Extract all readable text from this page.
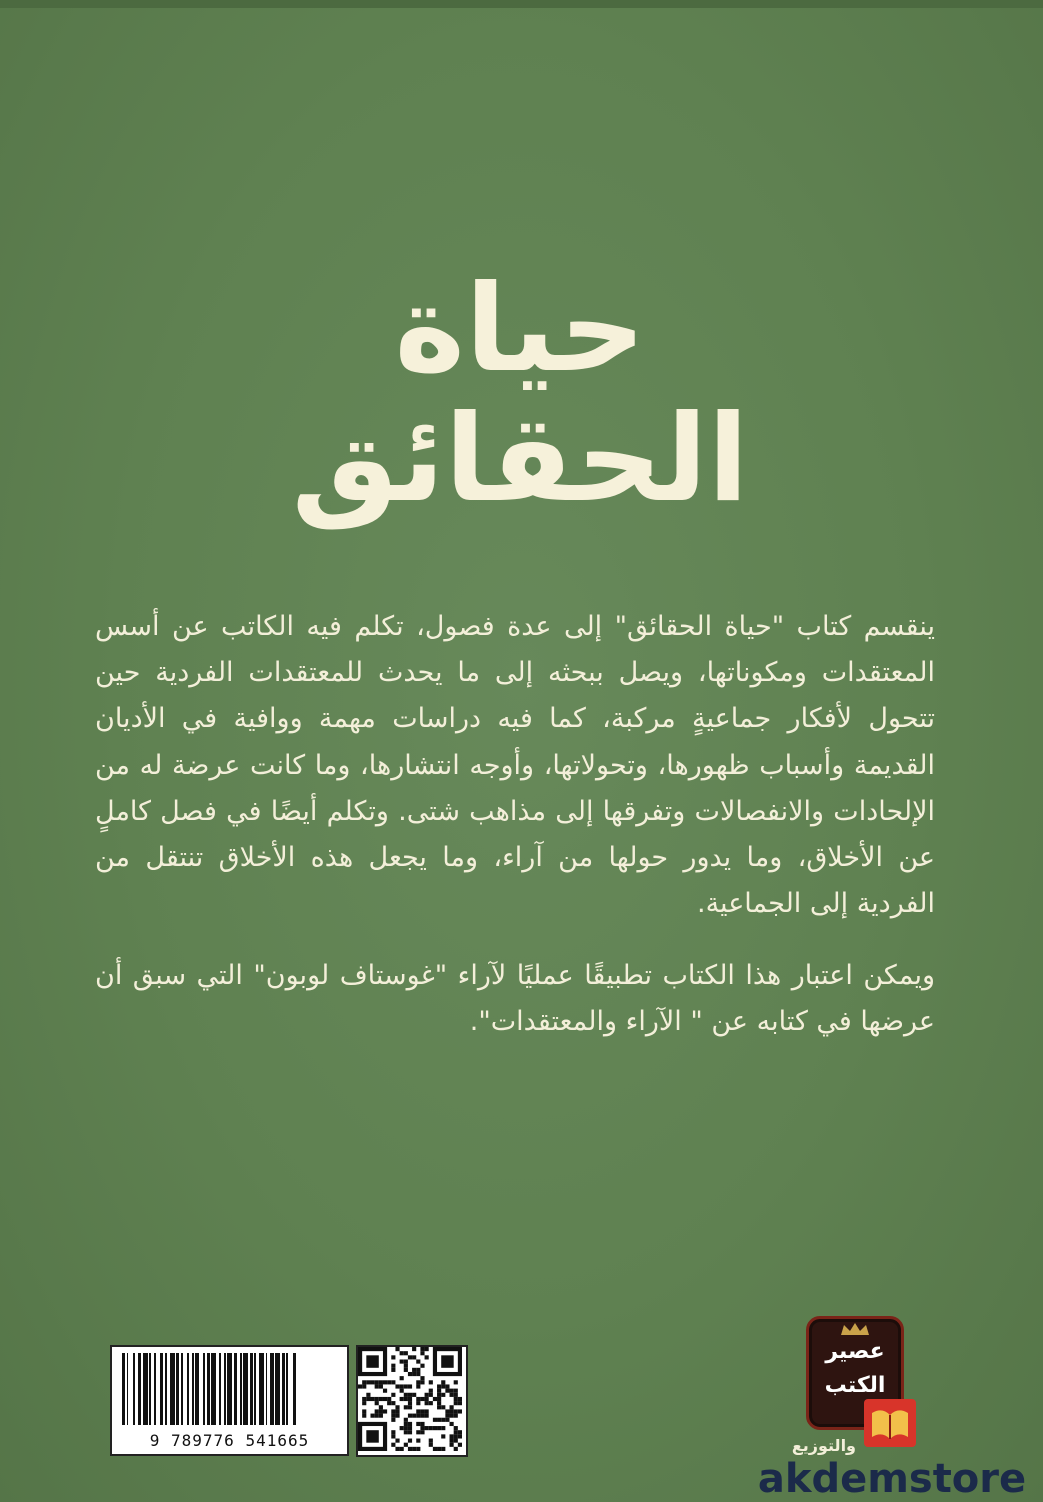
حياة
الحقائق
ينقسم كتاب "حياة الحقائق" إلى عدة فصول، تكلم فيه الكاتب عن أسس المعتقدات ومكوناتها، ويصل ببحثه إلى ما يحدث للمعتقدات الفردية حين تتحول لأفكار جماعيةٍ مركبة، كما فيه دراسات مهمة ووافية في الأديان القديمة وأسباب ظهورها، وتحولاتها، وأوجه انتشارها، وما كانت عرضة له من الإلحادات والانفصالات وتفرقها إلى مذاهب شتى. وتكلم أيضًا في فصل كاملٍ عن الأخلاق، وما يدور حولها من آراء، وما يجعل هذه الأخلاق تنتقل من الفردية إلى الجماعية.
ويمكن اعتبار هذا الكتاب تطبيقًا عمليًا لآراء "غوستاف لوبون" التي سبق أن عرضها في كتابه عن " الآراء والمعتقدات".
9 789776 541665
عصير
الكتب
والتوزيع
akdemstore
